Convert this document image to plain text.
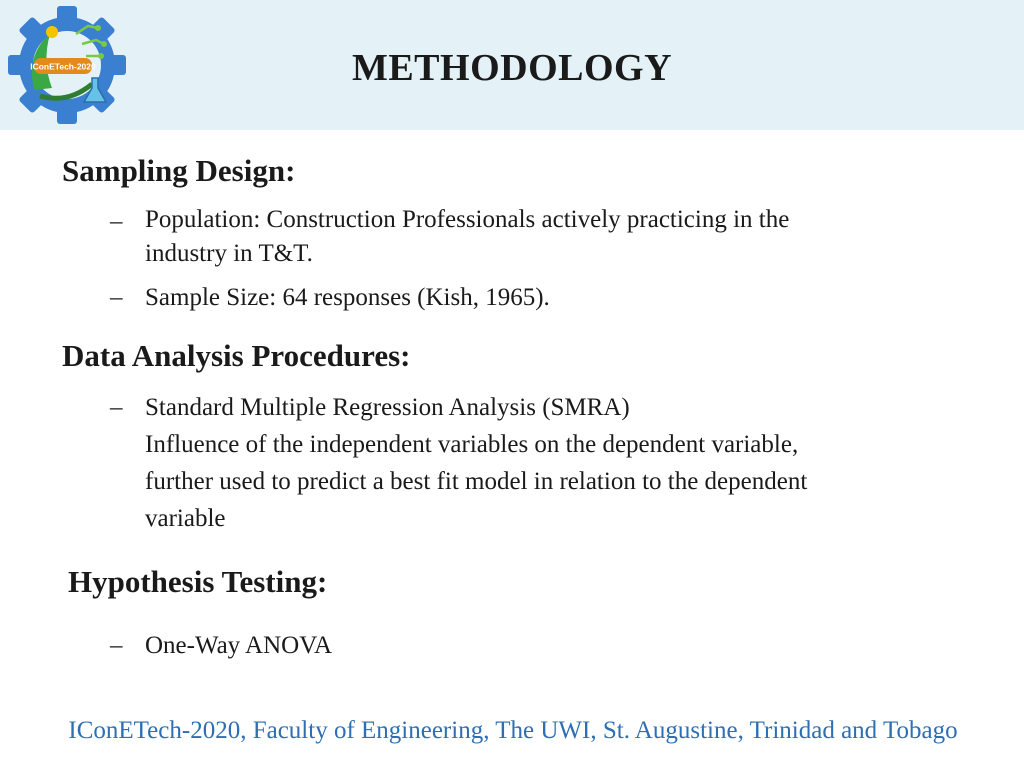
IConETech-2020	METHODOLOGY
Sampling Design:
– Population: Construction Professionals actively practicing in the
industry in T&T.
– Sample Size: 64 responses (Kish, 1965).
Data Analysis Procedures:
– Standard Multiple Regression Analysis (SMRA)
Influence of the independent variables on the dependent variable,
further used to predict a best fit model in relation to the dependent
variable
Hypothesis Testing:
– One-Way ANOVA
IConETech-2020, Faculty of Engineering, The UWI, St. Augustine, Trinidad and Tobago
